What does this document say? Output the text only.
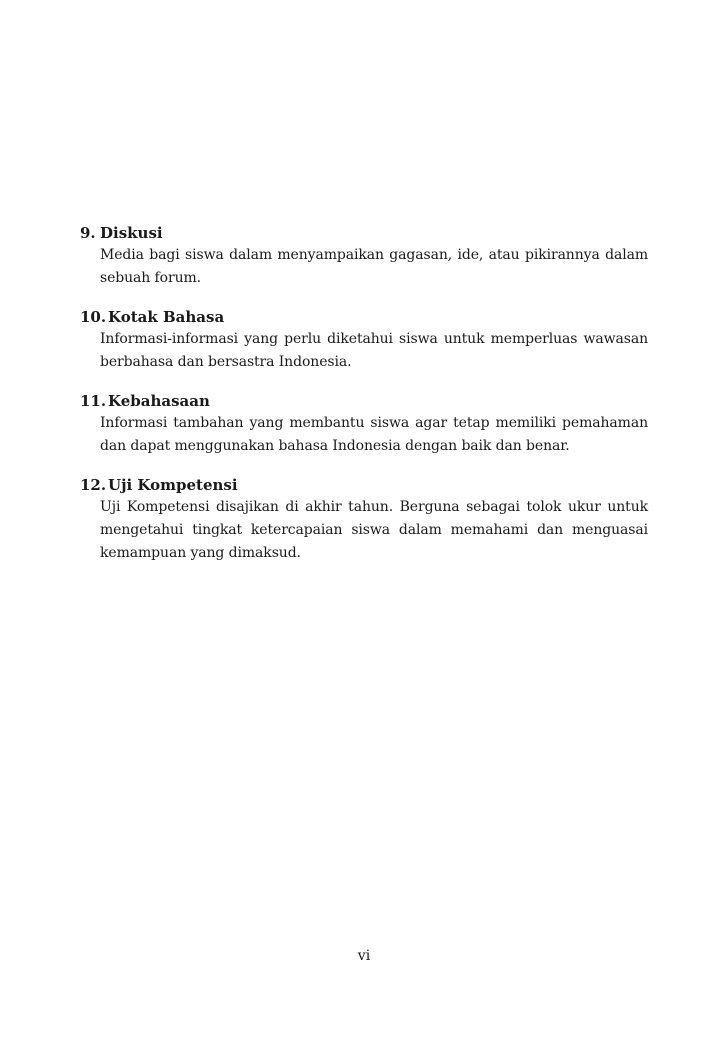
9. Diskusi
Media bagi siswa dalam menyampaikan gagasan, ide, atau pikirannya dalam sebuah forum.
10. Kotak Bahasa
Informasi-informasi yang perlu diketahui siswa untuk memperluas wawasan berbahasa dan bersastra Indonesia.
11. Kebahasaan
Informasi tambahan yang membantu siswa agar tetap memiliki pemahaman dan dapat menggunakan bahasa Indonesia dengan baik dan benar.
12. Uji Kompetensi
Uji Kompetensi disajikan di akhir tahun. Berguna sebagai tolok ukur untuk mengetahui tingkat ketercapaian siswa dalam memahami dan menguasai kemampuan yang dimaksud.
vi
